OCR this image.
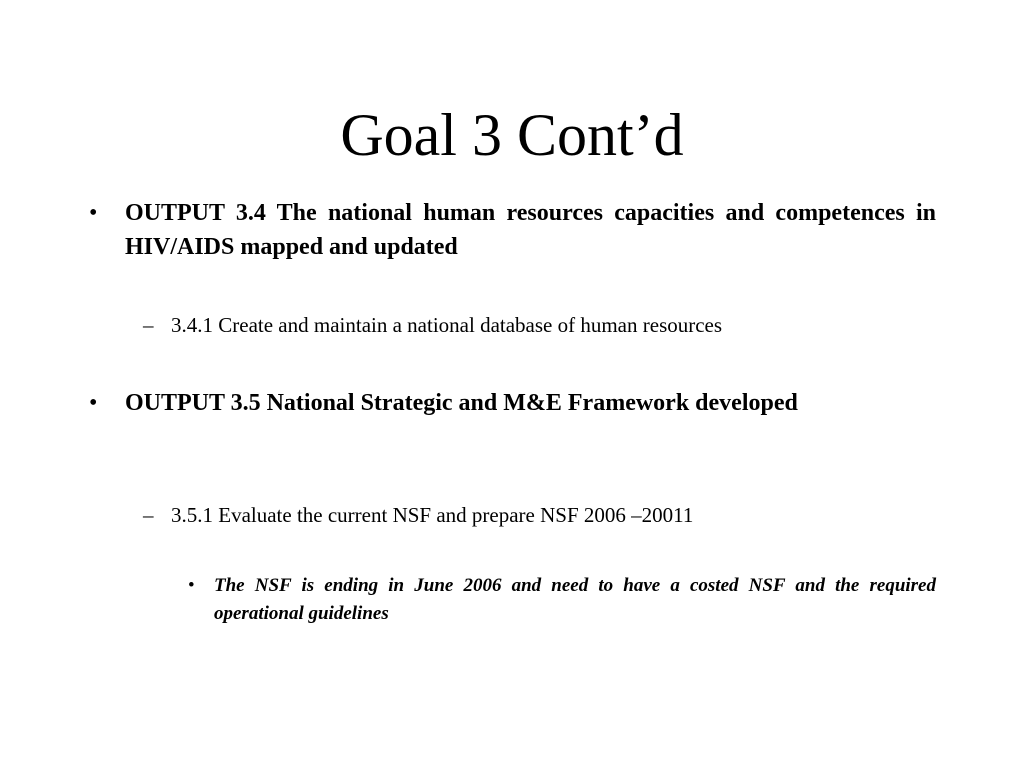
Goal 3 Cont’d
• OUTPUT 3.4 The national human resources capacities and competences in HIV/AIDS mapped and updated
– 3.4.1 Create and maintain a national database of human resources
• OUTPUT 3.5 National Strategic and M&E Framework developed
– 3.5.1 Evaluate the current NSF and prepare NSF 2006 –20011
• The NSF is ending in June 2006 and need to have a costed NSF and the required operational guidelines
